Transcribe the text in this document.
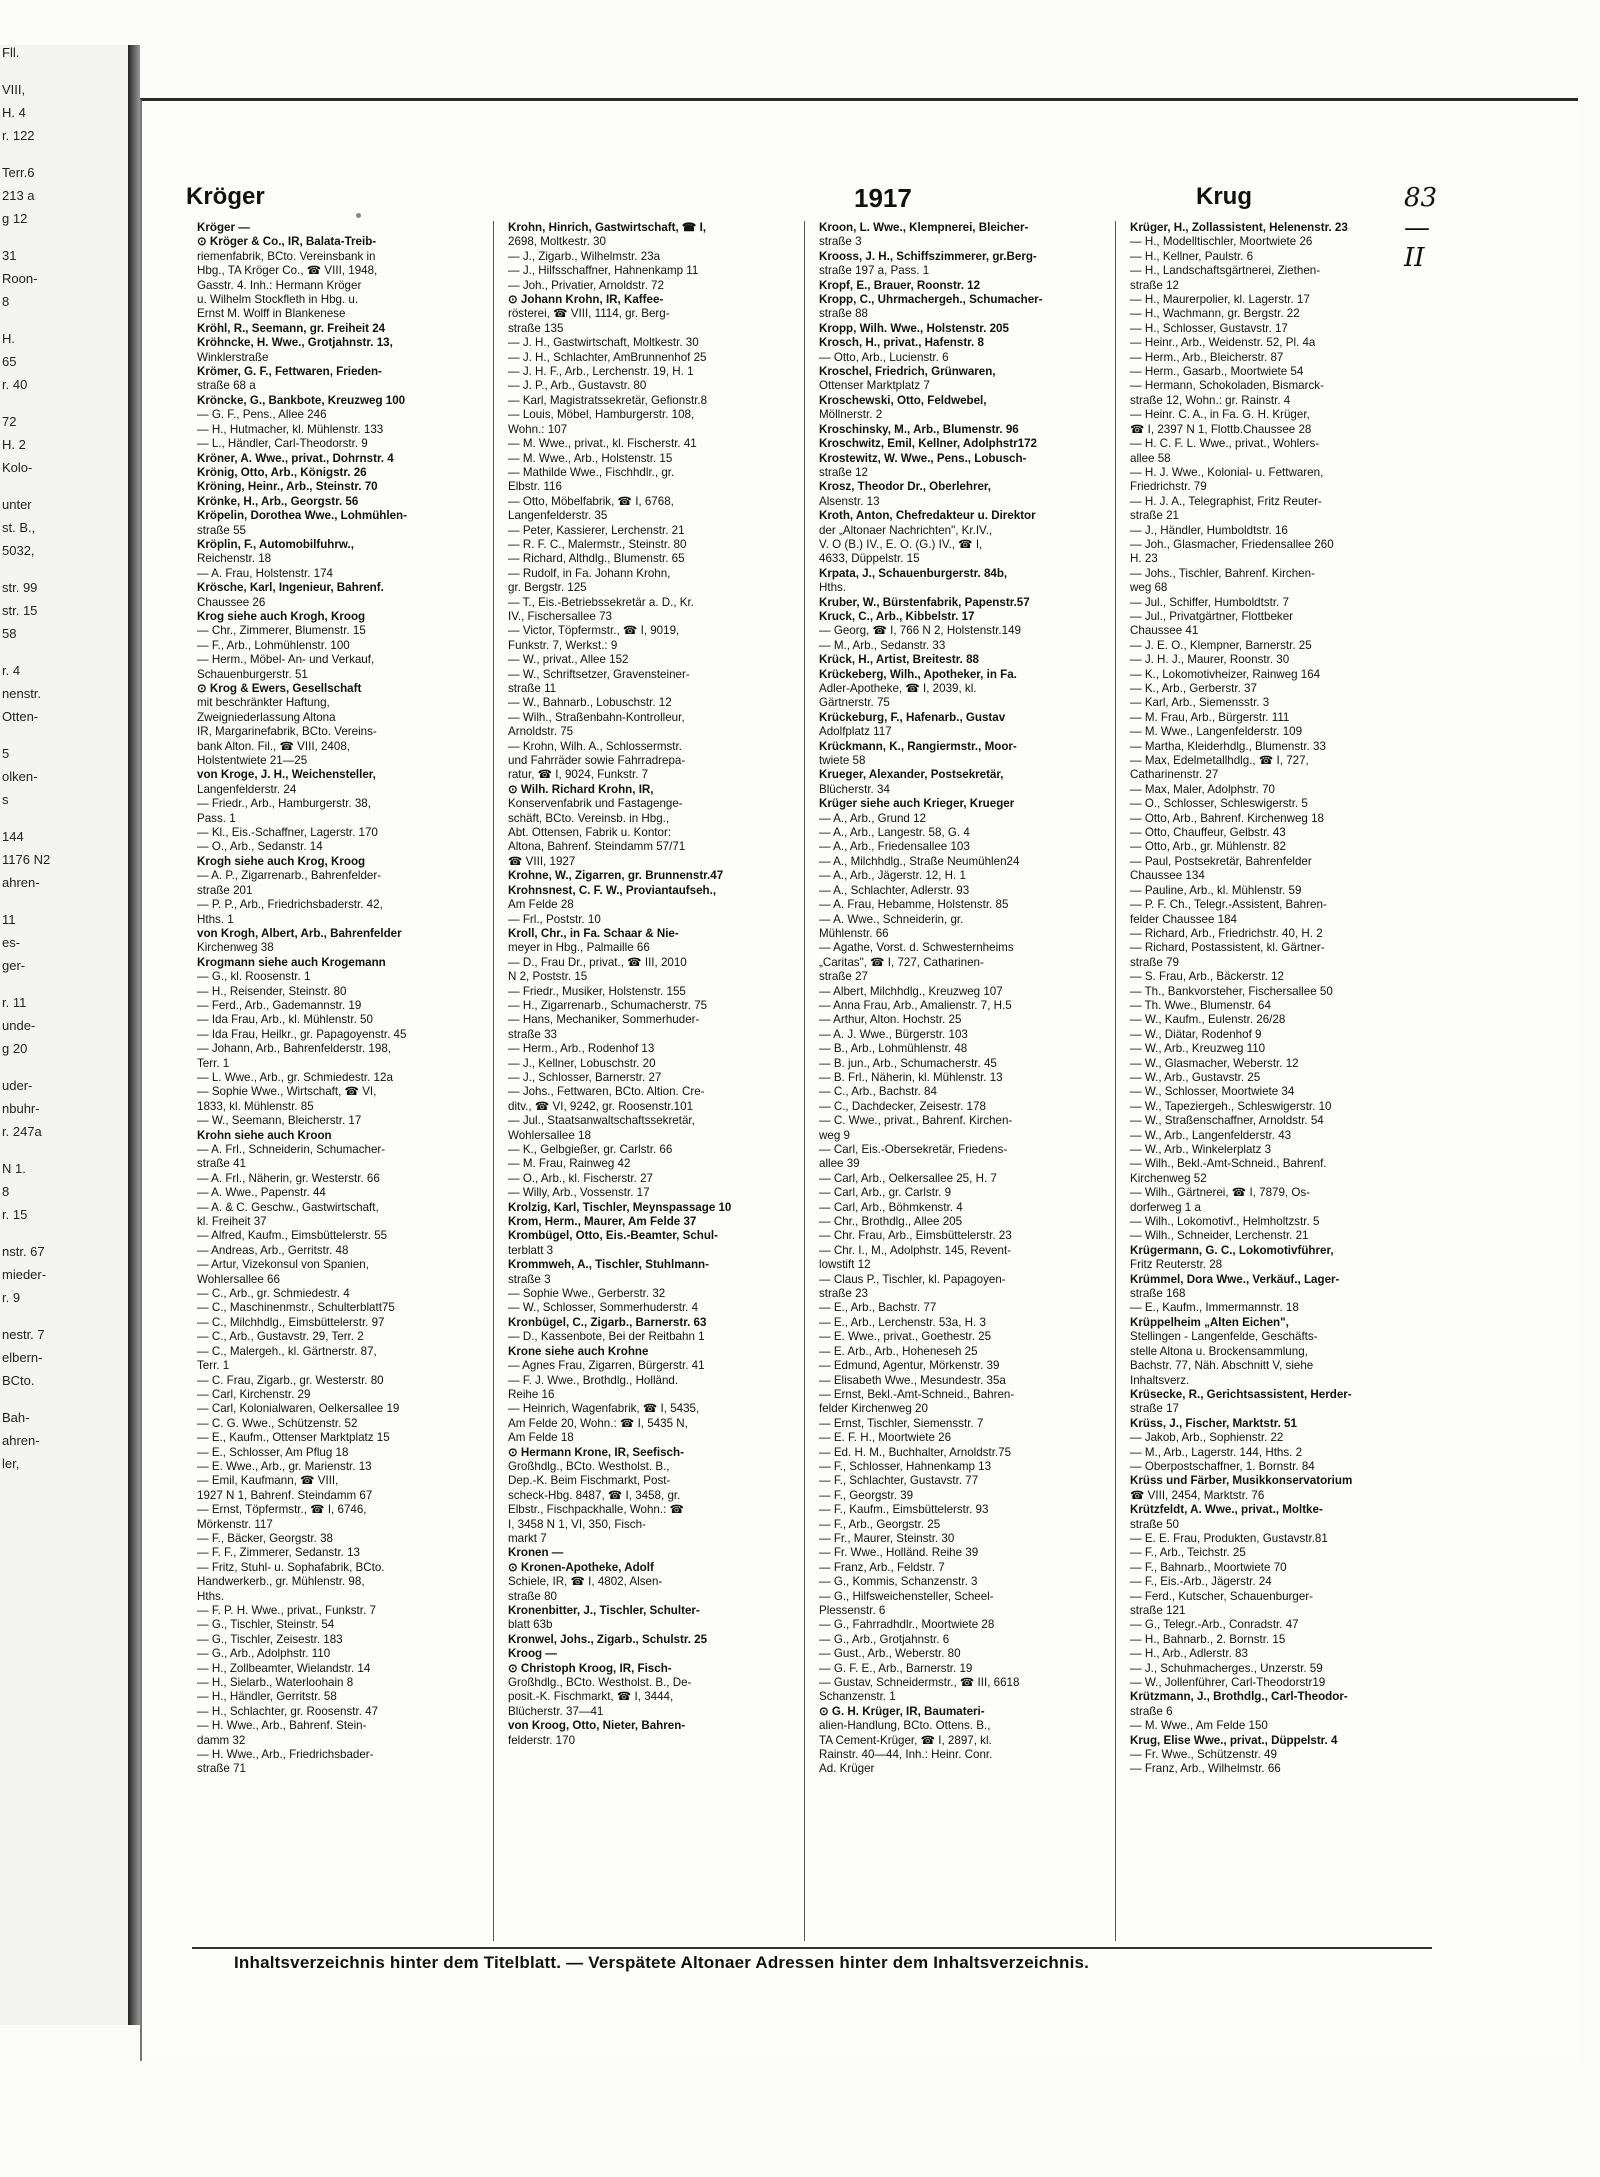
Fll.
VIII,
H. 4
r. 122
Terr.6
213 a
g 12
31
Roon-
8
H.
65
r. 40
72
H. 2
Kolo-
unter
st. B.,
5032,
str. 99
str. 15
58
r. 4
nenstr.
Otten-
5
olken-
s
144
1176 N2
ahren-
11
es-
ger-
r. 11
unde-
g 20
uder-
nbuhr-
r. 247a
N 1.
8
r. 15
nstr. 67
mieder-
r. 9
nestr. 7
elbern-
BCto.
Bah-
ahren-
ler,
Kröger	1917	Krug	83—II
Kröger —
⊙ Kröger & Co., IR, Balata-Treib-
riemenfabrik, BCto. Vereinsbank in
Hbg., TA Kröger Co., ☎ VIII, 1948,
Gasstr. 4. Inh.: Hermann Kröger
u. Wilhelm Stockfleth in Hbg. u.
Ernst M. Wolff in Blankenese
Kröhl, R., Seemann, gr. Freiheit 24
Kröhncke, H. Wwe., Grotjahnstr. 13,
Winklerstraße
Krömer, G. F., Fettwaren, Frieden-
straße 68 a
Kröncke, G., Bankbote, Kreuzweg 100
— G. F., Pens., Allee 246
— H., Hutmacher, kl. Mühlenstr. 133
— L., Händler, Carl-Theodorstr. 9
Kröner, A. Wwe., privat., Dohrnstr. 4
Krönig, Otto, Arb., Königstr. 26
Kröning, Heinr., Arb., Steinstr. 70
Krönke, H., Arb., Georgstr. 56
Kröpelin, Dorothea Wwe., Lohmühlen-
straße 55
Kröplin, F., Automobilfuhrw.,
Reichenstr. 18
— A. Frau, Holstenstr. 174
Krösche, Karl, Ingenieur, Bahrenf.
Chaussee 26
Krog siehe auch Krogh, Kroog
— Chr., Zimmerer, Blumenstr. 15
— F., Arb., Lohmühlenstr. 100
— Herm., Möbel- An- und Verkauf,
Schauenburgerstr. 51
⊙ Krog & Ewers, Gesellschaft
mit beschränkter Haftung,
Zweigniederlassung Altona
IR, Margarinefabrik, BCto. Vereins-
bank Alton. Fil., ☎ VIII, 2408,
Holstentwiete 21—25
von Kroge, J. H., Weichensteller,
Langenfelderstr. 24
— Friedr., Arb., Hamburgerstr. 38,
Pass. 1
— Kl., Eis.-Schaffner, Lagerstr. 170
— O., Arb., Sedanstr. 14
Krogh siehe auch Krog, Kroog
— A. P., Zigarrenarb., Bahrenfelder-
straße 201
— P. P., Arb., Friedrichsbaderstr. 42,
Hths. 1
von Krogh, Albert, Arb., Bahrenfelder
Kirchenweg 38
Krogmann siehe auch Krogemann
— G., kl. Roosenstr. 1
— H., Reisender, Steinstr. 80
— Ferd., Arb., Gademannstr. 19
— Ida Frau, Arb., kl. Mühlenstr. 50
— Ida Frau, Heilkr., gr. Papagoyenstr. 45
— Johann, Arb., Bahrenfelderstr. 198,
Terr. 1
— L. Wwe., Arb., gr. Schmiedestr. 12a
— Sophie Wwe., Wirtschaft, ☎ VI,
1833, kl. Mühlenstr. 85
— W., Seemann, Bleicherstr. 17
Krohn siehe auch Kroon
— A. Frl., Schneiderin, Schumacher-
straße 41
— A. Frl., Näherin, gr. Westerstr. 66
— A. Wwe., Papenstr. 44
— A. & C. Geschw., Gastwirtschaft,
kl. Freiheit 37
— Alfred, Kaufm., Eimsbüttelerstr. 55
— Andreas, Arb., Gerritstr. 48
— Artur, Vizekonsul von Spanien,
Wohlersallee 66
— C., Arb., gr. Schmiedestr. 4
— C., Maschinenmstr., Schulterblatt75
— C., Milchhdlg., Eimsbüttelerstr. 97
— C., Arb., Gustavstr. 29, Terr. 2
— C., Malergeh., kl. Gärtnerstr. 87,
Terr. 1
— C. Frau, Zigarb., gr. Westerstr. 80
— Carl, Kirchenstr. 29
— Carl, Kolonialwaren, Oelkersallee 19
— C. G. Wwe., Schützenstr. 52
— E., Kaufm., Ottenser Marktplatz 15
— E., Schlosser, Am Pflug 18
— E. Wwe., Arb., gr. Marienstr. 13
— Emil, Kaufmann, ☎ VIII,
1927 N 1, Bahrenf. Steindamm 67
— Ernst, Töpfermstr., ☎ I, 6746,
Mörkenstr. 117
— F., Bäcker, Georgstr. 38
— F. F., Zimmerer, Sedanstr. 13
— Fritz, Stuhl- u. Sophafabrik, BCto.
Handwerkerb., gr. Mühlenstr. 98,
Hths.
— F. P. H. Wwe., privat., Funkstr. 7
— G., Tischler, Steinstr. 54
— G., Tischler, Zeisestr. 183
— G., Arb., Adolphstr. 110
— H., Zollbeamter, Wielandstr. 14
— H., Sielarb., Waterloohain 8
— H., Händler, Gerritstr. 58
— H., Schlachter, gr. Roosenstr. 47
— H. Wwe., Arb., Bahrenf. Stein-
damm 32
— H. Wwe., Arb., Friedrichsbader-
straße 71
Krohn, Hinrich, Gastwirtschaft, ☎ I,
2698, Moltkestr. 30
— J., Zigarb., Wilhelmstr. 23a
— J., Hilfsschaffner, Hahnenkamp 11
— Joh., Privatier, Arnoldstr. 72
⊙ Johann Krohn, IR, Kaffee-
rösterei, ☎ VIII, 1114, gr. Berg-
straße 135
— J. H., Gastwirtschaft, Moltkestr. 30
— J. H., Schlachter, AmBrunnenhof 25
— J. H. F., Arb., Lerchenstr. 19, H. 1
— J. P., Arb., Gustavstr. 80
— Karl, Magistratssekretär, Gefionstr.8
— Louis, Möbel, Hamburgerstr. 108,
Wohn.: 107
— M. Wwe., privat., kl. Fischerstr. 41
— M. Wwe., Arb., Holstenstr. 15
— Mathilde Wwe., Fischhdlr., gr.
Elbstr. 116
— Otto, Möbelfabrik, ☎ I, 6768,
Langenfelderstr. 35
— Peter, Kassierer, Lerchenstr. 21
— R. F. C., Malermstr., Steinstr. 80
— Richard, Althdlg., Blumenstr. 65
— Rudolf, in Fa. Johann Krohn,
gr. Bergstr. 125
— T., Eis.-Betriebssekretär a. D., Kr.
IV., Fischersallee 73
— Victor, Töpfermstr., ☎ I, 9019,
Funkstr. 7, Werkst.: 9
— W., privat., Allee 152
— W., Schriftsetzer, Gravensteiner-
straße 11
— W., Bahnarb., Lobuschstr. 12
— Wilh., Straßenbahn-Kontrolleur,
Arnoldstr. 75
— Krohn, Wilh. A., Schlossermstr.
und Fahrräder sowie Fahrradrepa-
ratur, ☎ I, 9024, Funkstr. 7
⊙ Wilh. Richard Krohn, IR,
Konservenfabrik und Fastagenge-
schäft, BCto. Vereinsb. in Hbg.,
Abt. Ottensen, Fabrik u. Kontor:
Altona, Bahrenf. Steindamm 57/71
☎ VIII, 1927
Krohne, W., Zigarren, gr. Brunnenstr.47
Krohnsnest, C. F. W., Proviantaufseh.,
Am Felde 28
— Frl., Poststr. 10
Kroll, Chr., in Fa. Schaar & Nie-
meyer in Hbg., Palmaille 66
— D., Frau Dr., privat., ☎ III, 2010
N 2, Poststr. 15
— Friedr., Musiker, Holstenstr. 155
— H., Zigarrenarb., Schumacherstr. 75
— Hans, Mechaniker, Sommerhuder-
straße 33
— Herm., Arb., Rodenhof 13
— J., Kellner, Lobuschstr. 20
— J., Schlosser, Barnerstr. 27
— Johs., Fettwaren, BCto. Altion. Cre-
ditv., ☎ VI, 9242, gr. Roosenstr.101
— Jul., Staatsanwaltschaftssekretär,
Wohlersallee 18
— K., Gelbgießer, gr. Carlstr. 66
— M. Frau, Rainweg 42
— O., Arb., kl. Fischerstr. 27
— Willy, Arb., Vossenstr. 17
Krolzig, Karl, Tischler, Meynspassage 10
Krom, Herm., Maurer, Am Felde 37
Krombügel, Otto, Eis.-Beamter, Schul-
terblatt 3
Krommweh, A., Tischler, Stuhlmann-
straße 3
— Sophie Wwe., Gerberstr. 32
— W., Schlosser, Sommerhuderstr. 4
Kronbügel, C., Zigarb., Barnerstr. 63
— D., Kassenbote, Bei der Reitbahn 1
Krone siehe auch Krohne
— Agnes Frau, Zigarren, Bürgerstr. 41
— F. J. Wwe., Brothdlg., Holländ.
Reihe 16
— Heinrich, Wagenfabrik, ☎ I, 5435,
Am Felde 20, Wohn.: ☎ I, 5435 N,
Am Felde 18
⊙ Hermann Krone, IR, Seefisch-
Großhdlg., BCto. Westholst. B.,
Dep.-K. Beim Fischmarkt, Post-
scheck-Hbg. 8487, ☎ I, 3458, gr.
Elbstr., Fischpackhalle, Wohn.: ☎
I, 3458 N 1, VI, 350, Fisch-
markt 7
Kronen —
⊙ Kronen-Apotheke, Adolf
Schiele, IR, ☎ I, 4802, Alsen-
straße 80
Kronenbitter, J., Tischler, Schulter-
blatt 63b
Kronwel, Johs., Zigarb., Schulstr. 25
Kroog —
⊙ Christoph Kroog, IR, Fisch-
Großhdlg., BCto. Westholst. B., De-
posit.-K. Fischmarkt, ☎ I, 3444,
Blücherstr. 37—41
von Kroog, Otto, Nieter, Bahren-
felderstr. 170
Kroon, L. Wwe., Klempnerei, Bleicher-
straße 3
Krooss, J. H., Schiffszimmerer, gr.Berg-
straße 197 a, Pass. 1
Kropf, E., Brauer, Roonstr. 12
Kropp, C., Uhrmachergeh., Schumacher-
straße 88
Kropp, Wilh. Wwe., Holstenstr. 205
Krosch, H., privat., Hafenstr. 8
— Otto, Arb., Lucienstr. 6
Kroschel, Friedrich, Grünwaren,
Ottenser Marktplatz 7
Kroschewski, Otto, Feldwebel,
Möllnerstr. 2
Kroschinsky, M., Arb., Blumenstr. 96
Kroschwitz, Emil, Kellner, Adolphstr172
Krostewitz, W. Wwe., Pens., Lobusch-
straße 12
Krosz, Theodor Dr., Oberlehrer,
Alsenstr. 13
Kroth, Anton, Chefredakteur u. Direktor
der „Altonaer Nachrichten", Kr.IV.,
V. O (B.) IV., E. O. (G.) IV., ☎ I,
4633, Düppelstr. 15
Krpata, J., Schauenburgerstr. 84b,
Hths.
Kruber, W., Bürstenfabrik, Papenstr.57
Kruck, C., Arb., Kibbelstr. 17
— Georg, ☎ I, 766 N 2, Holstenstr.149
— M., Arb., Sedanstr. 33
Krück, H., Artist, Breitestr. 88
Krückeberg, Wilh., Apotheker, in Fa.
Adler-Apotheke, ☎ I, 2039, kl.
Gärtnerstr. 75
Krückeburg, F., Hafenarb., Gustav
Adolfplatz 117
Krückmann, K., Rangiermstr., Moor-
twiete 58
Krueger, Alexander, Postsekretär,
Blücherstr. 34
Krüger siehe auch Krieger, Krueger
— A., Arb., Grund 12
— A., Arb., Langestr. 58, G. 4
— A., Arb., Friedensallee 103
— A., Milchhdlg., Straße Neumühlen24
— A., Arb., Jägerstr. 12, H. 1
— A., Schlachter, Adlerstr. 93
— A. Frau, Hebamme, Holstenstr. 85
— A. Wwe., Schneiderin, gr.
Mühlenstr. 66
— Agathe, Vorst. d. Schwesternheims
„Caritas", ☎ I, 727, Catharinen-
straße 27
— Albert, Milchhdlg., Kreuzweg 107
— Anna Frau, Arb., Amalienstr. 7, H.5
— Arthur, Alton. Hochstr. 25
— A. J. Wwe., Bürgerstr. 103
— B., Arb., Lohmühlenstr. 48
— B. jun., Arb., Schumacherstr. 45
— B. Frl., Näherin, kl. Mühlenstr. 13
— C., Arb., Bachstr. 84
— C., Dachdecker, Zeisestr. 178
— C. Wwe., privat., Bahrenf. Kirchen-
weg 9
— Carl, Eis.-Obersekretär, Friedens-
allee 39
— Carl, Arb., Oelkersallee 25, H. 7
— Carl, Arb., gr. Carlstr. 9
— Carl, Arb., Böhmkenstr. 4
— Chr., Brothdlg., Allee 205
— Chr. Frau, Arb., Eimsbüttelerstr. 23
— Chr. I., M., Adolphstr. 145, Revent-
lowstift 12
— Claus P., Tischler, kl. Papagoyen-
straße 23
— E., Arb., Bachstr. 77
— E., Arb., Lerchenstr. 53a, H. 3
— E. Wwe., privat., Goethestr. 25
— E. Arb., Arb., Hoheneseh 25
— Edmund, Agentur, Mörkenstr. 39
— Elisabeth Wwe., Mesundestr. 35a
— Ernst, Bekl.-Amt-Schneid., Bahren-
felder Kirchenweg 20
— Ernst, Tischler, Siemensstr. 7
— E. F. H., Moortwiete 26
— Ed. H. M., Buchhalter, Arnoldstr.75
— F., Schlosser, Hahnenkamp 13
— F., Schlachter, Gustavstr. 77
— F., Georgstr. 39
— F., Kaufm., Eimsbüttelerstr. 93
— F., Arb., Georgstr. 25
— Fr., Maurer, Steinstr. 30
— Fr. Wwe., Holländ. Reihe 39
— Franz, Arb., Feldstr. 7
— G., Kommis, Schanzenstr. 3
— G., Hilfsweichensteller, Scheel-
Plessenstr. 6
— G., Fahrradhdlr., Moortwiete 28
— G., Arb., Grotjahnstr. 6
— Gust., Arb., Weberstr. 80
— G. F. E., Arb., Barnerstr. 19
— Gustav, Schneidermstr., ☎ III, 6618
Schanzenstr. 1
⊙ G. H. Krüger, IR, Baumateri-
alien-Handlung, BCto. Ottens. B.,
TA Cement-Krüger, ☎ I, 2897, kl.
Rainstr. 40—44, Inh.: Heinr. Conr.
Ad. Krüger
Krüger, H., Zollassistent, Helenenstr. 23
— H., Modelltischler, Moortwiete 26
— H., Kellner, Paulstr. 6
— H., Landschaftsgärtnerei, Ziethen-
straße 12
— H., Maurerpolier, kl. Lagerstr. 17
— H., Wachmann, gr. Bergstr. 22
— H., Schlosser, Gustavstr. 17
— Heinr., Arb., Weidenstr. 52, Pl. 4a
— Herm., Arb., Bleicherstr. 87
— Herm., Gasarb., Moortwiete 54
— Hermann, Schokoladen, Bismarck-
straße 12, Wohn.: gr. Rainstr. 4
— Heinr. C. A., in Fa. G. H. Krüger,
☎ I, 2397 N 1, Flottb.Chaussee 28
— H. C. F. L. Wwe., privat., Wohlers-
allee 58
— H. J. Wwe., Kolonial- u. Fettwaren,
Friedrichstr. 79
— H. J. A., Telegraphist, Fritz Reuter-
straße 21
— J., Händler, Humboldtstr. 16
— Joh., Glasmacher, Friedensallee 260
H. 23
— Johs., Tischler, Bahrenf. Kirchen-
weg 68
— Jul., Schiffer, Humboldtstr. 7
— Jul., Privatgärtner, Flottbeker
Chaussee 41
— J. E. O., Klempner, Barnerstr. 25
— J. H. J., Maurer, Roonstr. 30
— K., Lokomotivheizer, Rainweg 164
— K., Arb., Gerberstr. 37
— Karl, Arb., Siemensstr. 3
— M. Frau, Arb., Bürgerstr. 111
— M. Wwe., Langenfelderstr. 109
— Martha, Kleiderhdlg., Blumenstr. 33
— Max, Edelmetallhdlg., ☎ I, 727,
Catharinenstr. 27
— Max, Maler, Adolphstr. 70
— O., Schlosser, Schleswigerstr. 5
— Otto, Arb., Bahrenf. Kirchenweg 18
— Otto, Chauffeur, Gelbstr. 43
— Otto, Arb., gr. Mühlenstr. 82
— Paul, Postsekretär, Bahrenfelder
Chaussee 134
— Pauline, Arb., kl. Mühlenstr. 59
— P. F. Ch., Telegr.-Assistent, Bahren-
felder Chaussee 184
— Richard, Arb., Friedrichstr. 40, H. 2
— Richard, Postassistent, kl. Gärtner-
straße 79
— S. Frau, Arb., Bäckerstr. 12
— Th., Bankvorsteher, Fischersallee 50
— Th. Wwe., Blumenstr. 64
— W., Kaufm., Eulenstr. 26/28
— W., Diätar, Rodenhof 9
— W., Arb., Kreuzweg 110
— W., Glasmacher, Weberstr. 12
— W., Arb., Gustavstr. 25
— W., Schlosser, Moortwiete 34
— W., Tapeziergeh., Schleswigerstr. 10
— W., Straßenschaffner, Arnoldstr. 54
— W., Arb., Langenfelderstr. 43
— W., Arb., Winkelerplatz 3
— Wilh., Bekl.-Amt-Schneid., Bahrenf.
Kirchenweg 52
— Wilh., Gärtnerei, ☎ I, 7879, Os-
dorferweg 1 a
— Wilh., Lokomotivf., Helmholtzstr. 5
— Wilh., Schneider, Lerchenstr. 21
Krügermann, G. C., Lokomotivführer,
Fritz Reuterstr. 28
Krümmel, Dora Wwe., Verkäuf., Lager-
straße 168
— E., Kaufm., Immermannstr. 18
Krüppelheim „Alten Eichen",
Stellingen - Langenfelde, Geschäfts-
stelle Altona u. Brockensammlung,
Bachstr. 77, Näh. Abschnitt V, siehe
Inhaltsverz.
Krüsecke, R., Gerichtsassistent, Herder-
straße 17
Krüss, J., Fischer, Marktstr. 51
— Jakob, Arb., Sophienstr. 22
— M., Arb., Lagerstr. 144, Hths. 2
— Oberpostschaffner, 1. Bornstr. 84
Krüss und Färber, Musikkonservatorium
☎ VIII, 2454, Marktstr. 76
Krützfeldt, A. Wwe., privat., Moltke-
straße 50
— E. E. Frau, Produkten, Gustavstr.81
— F., Arb., Teichstr. 25
— F., Bahnarb., Moortwiete 70
— F., Eis.-Arb., Jägerstr. 24
— Ferd., Kutscher, Schauenburger-
straße 121
— G., Telegr.-Arb., Conradstr. 47
— H., Bahnarb., 2. Bornstr. 15
— H., Arb., Adlerstr. 83
— J., Schuhmacherges., Unzerstr. 59
— W., Jollenführer, Carl-Theodorstr19
Krützmann, J., Brothdlg., Carl-Theodor-
straße 6
— M. Wwe., Am Felde 150
Krug, Elise Wwe., privat., Düppelstr. 4
— Fr. Wwe., Schützenstr. 49
— Franz, Arb., Wilhelmstr. 66
Inhaltsverzeichnis hinter dem Titelblatt. — Verspätete Altonaer Adressen hinter dem Inhaltsverzeichnis.
